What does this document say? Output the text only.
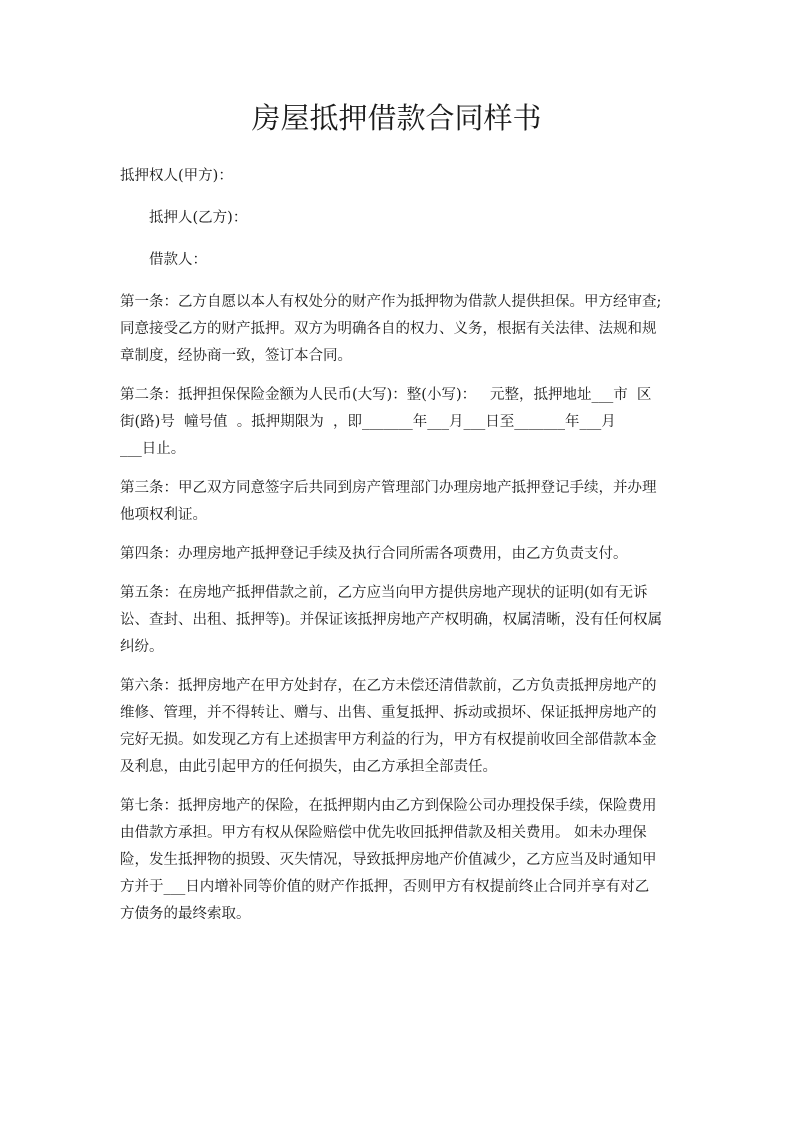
房屋抵押借款合同样书

抵押权人(甲方)：

抵押人(乙方)：

借款人：

第一条：乙方自愿以本人有权处分的财产作为抵押物为借款人提供担保。甲方经审查;

同意接受乙方的财产抵押。双方为明确各自的权力、义务，根据有关法律、法规和规

章制度，经协商一致，签订本合同。

第二条：抵押担保保险金额为人民币(大写)：整(小写)：   元整，抵押地址___市  区

街(路)号  幢号值  。抵押期限为  ，即_______年___月___日至_______年___月

___日止。

第三条：甲乙双方同意签字后共同到房产管理部门办理房地产抵押登记手续，并办理

他项权利证。

第四条：办理房地产抵押登记手续及执行合同所需各项费用，由乙方负责支付。

第五条：在房地产抵押借款之前，乙方应当向甲方提供房地产现状的证明(如有无诉

讼、查封、出租、抵押等)。并保证该抵押房地产产权明确，权属清晰，没有任何权属

纠纷。

第六条：抵押房地产在甲方处封存，在乙方未偿还清借款前，乙方负责抵押房地产的

维修、管理，并不得转让、赠与、出售、重复抵押、拆动或损坏、保证抵押房地产的

完好无损。如发现乙方有上述损害甲方利益的行为，甲方有权提前收回全部借款本金

及利息，由此引起甲方的任何损失，由乙方承担全部责任。

第七条：抵押房地产的保险，在抵押期内由乙方到保险公司办理投保手续，保险费用

由借款方承担。甲方有权从保险赔偿中优先收回抵押借款及相关费用。 如未办理保

险，发生抵押物的损毁、灭失情况，导致抵押房地产价值减少，乙方应当及时通知甲

方并于___日内增补同等价值的财产作抵押，否则甲方有权提前终止合同并享有对乙

方债务的最终索取。
